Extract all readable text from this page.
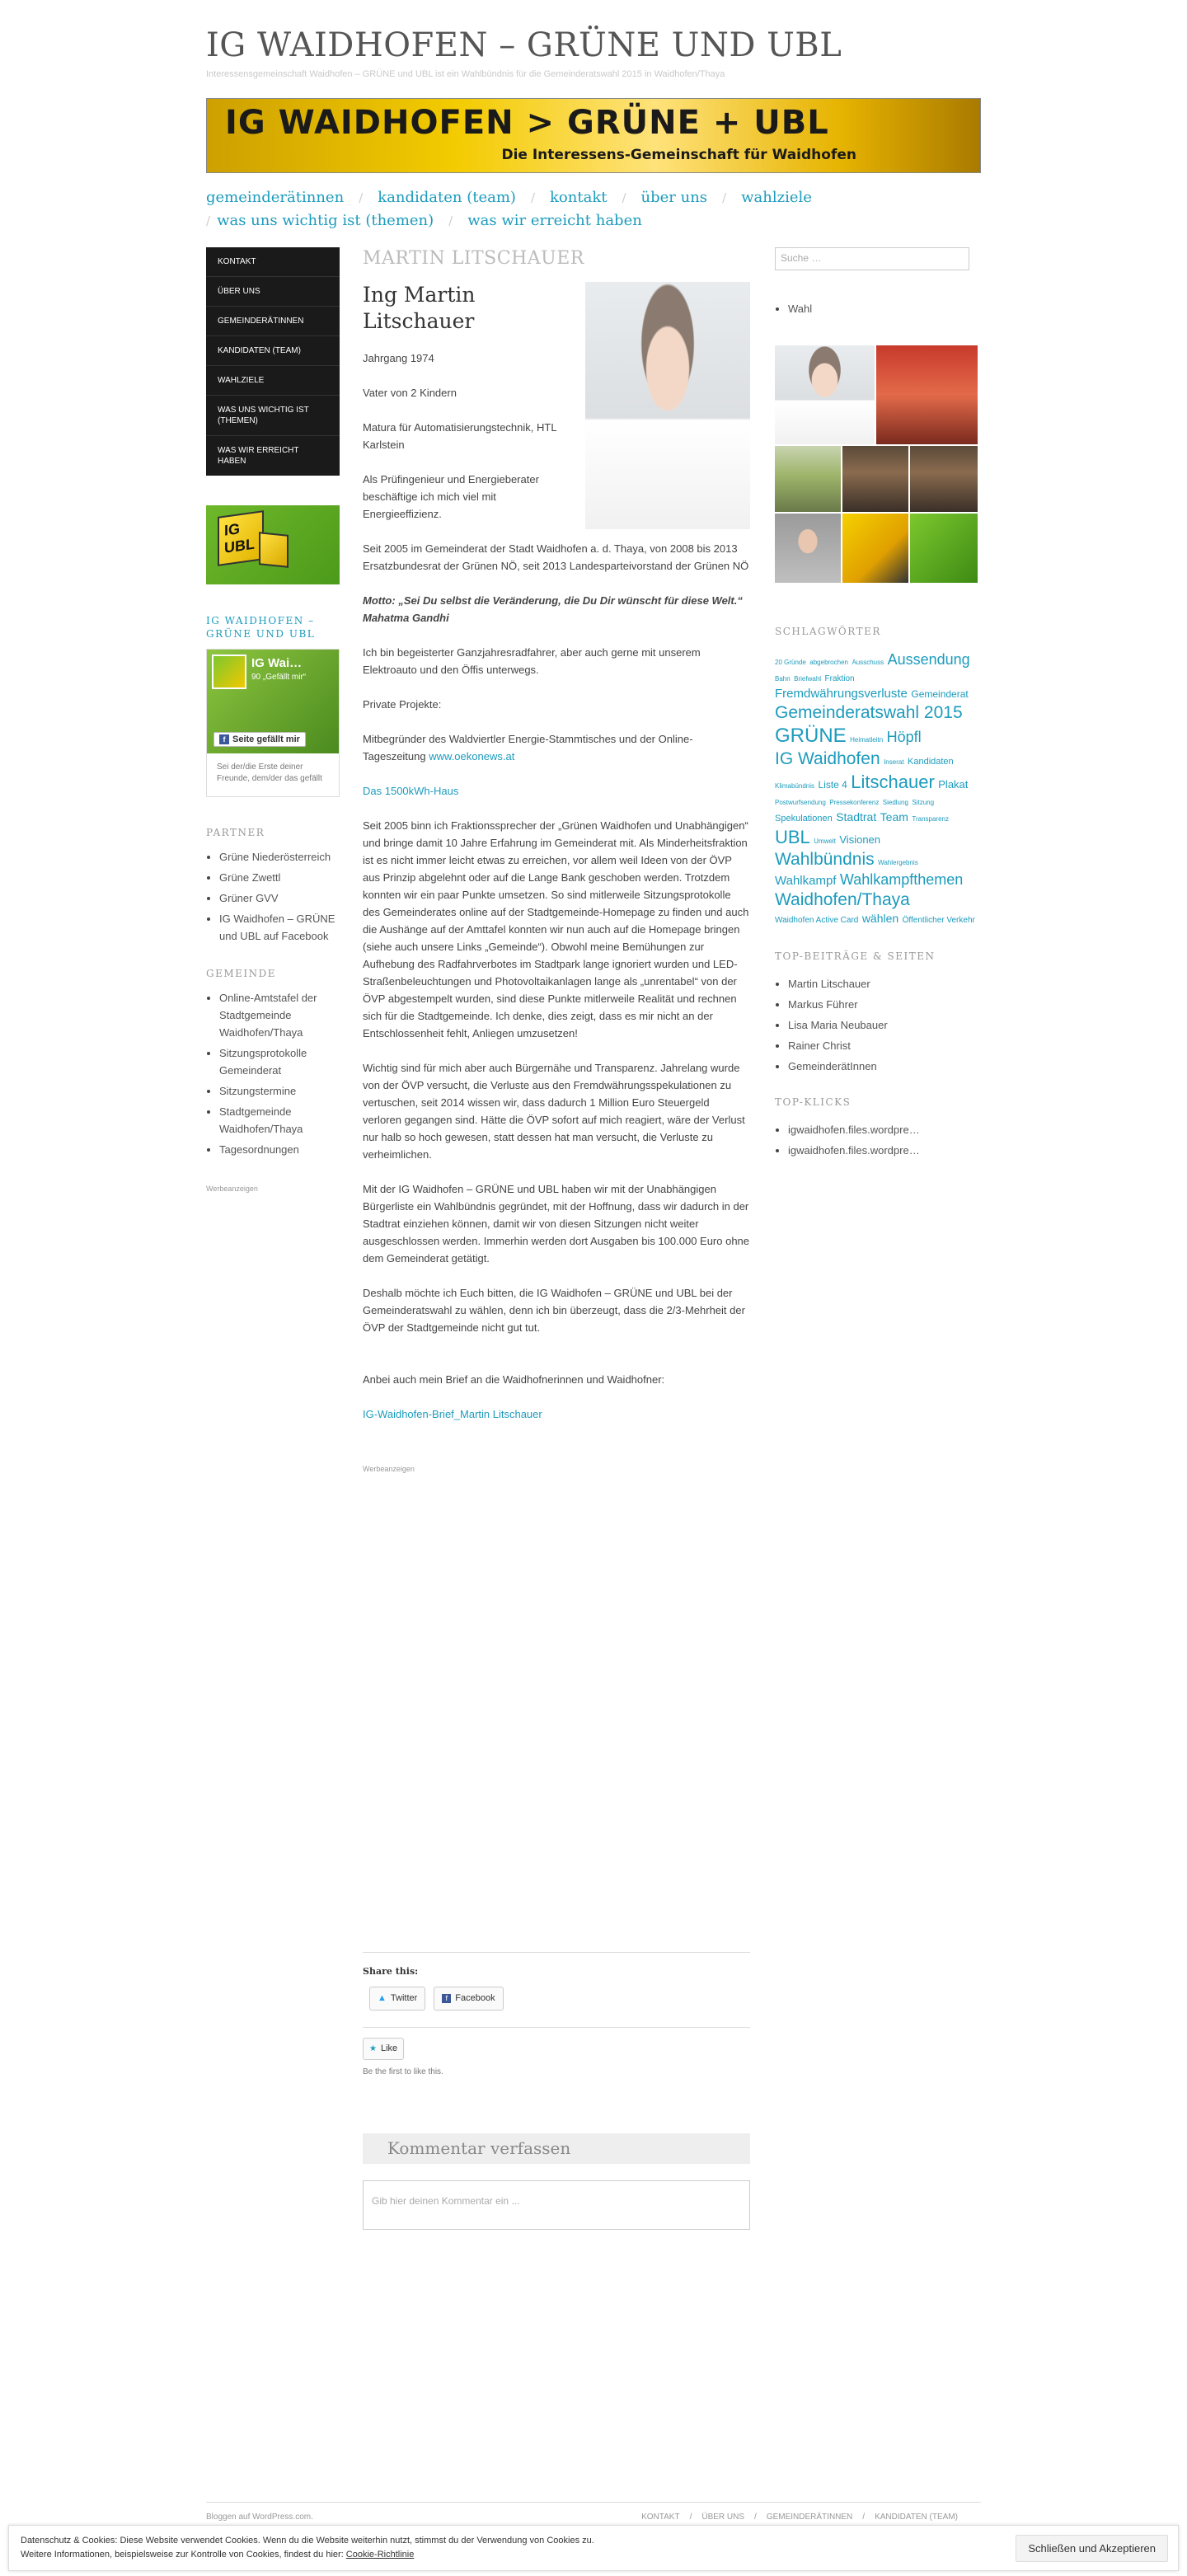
IG WAIDHOFEN – GRÜNE UND UBL
Interessensgemeinschaft Waidhofen – GRÜNE und UBL ist ein Wahlbündnis für die Gemeinderatswahl 2015 in Waidhofen/Thaya
IG WAIDHOFEN > GRÜNE + UBL
Die Interessens-Gemeinschaft für Waidhofen
gemeinderätinnen / kandidaten (team) / kontakt / über uns / wahlziele
/ was uns wichtig ist (themen) / was wir erreicht haben
KONTAKT
ÜBER UNS
GEMEINDERÄTINNEN
KANDIDATEN (TEAM)
WAHLZIELE
WAS UNS WICHTIG IST (THEMEN)
WAS WIR ERREICHT HABEN
IG UBL
IG WAIDHOFEN – GRÜNE UND UBL
IG Wai…
90 „Gefällt mir“
f Seite gefällt mir
Sei der/die Erste deiner Freunde, dem/der das gefällt
PARTNER
• Grüne Niederösterreich
• Grüne Zwettl
• Grüner GVV
• IG Waidhofen – GRÜNE und UBL auf Facebook
GEMEINDE
• Online-Amtstafel der Stadtgemeinde Waidhofen/Thaya
• Sitzungsprotokolle Gemeinderat
• Sitzungstermine
• Stadtgemeinde Waidhofen/Thaya
• Tagesordnungen
Werbeanzeigen
MARTIN LITSCHAUER
Ing Martin Litschauer

Jahrgang 1974

Vater von 2 Kindern

Matura für Automatisierungstechnik, HTL Karlstein

Als Prüfingenieur und Energieberater beschäftige ich mich viel mit Energieeffizienz.

Seit 2005 im Gemeinderat der Stadt Waidhofen a. d. Thaya, von 2008 bis 2013 Ersatzbundesrat der Grünen NÖ, seit 2013 Landesparteivorstand der Grünen NÖ

Motto: „Sei Du selbst die Veränderung, die Du Dir wünscht für diese Welt.“ Mahatma Gandhi

Ich bin begeisterter Ganzjahresradfahrer, aber auch gerne mit unserem Elektroauto und den Öffis unterwegs.

Private Projekte:

Mitbegründer des Waldviertler Energie-Stammtisches und der Online-Tageszeitung www.oekonews.at

Das 1500kWh-Haus

Seit 2005 binn ich Fraktionssprecher der „Grünen Waidhofen und Unabhängigen“ und bringe damit 10 Jahre Erfahrung im Gemeinderat mit. Als Minderheitsfraktion ist es nicht immer leicht etwas zu erreichen, vor allem weil Ideen von der ÖVP aus Prinzip abgelehnt oder auf die Lange Bank geschoben werden. Trotzdem konnten wir ein paar Punkte umsetzen. So sind mitlerweile Sitzungsprotokolle des Gemeinderates online auf der Stadtgemeinde-Homepage zu finden und auch die Aushänge auf der Amttafel konnten wir nun auch auf die Homepage bringen (siehe auch unsere Links „Gemeinde“). Obwohl meine Bemühungen zur Aufhebung des Radfahrverbotes im Stadtpark lange ignoriert wurden und LED-Straßenbeleuchtungen und Photovoltaikanlagen lange als „unrentabel“ von der ÖVP abgestempelt wurden, sind diese Punkte mitlerweile Realität und rechnen sich für die Stadtgemeinde. Ich denke, dies zeigt, dass es mir nicht an der Entschlossenheit fehlt, Anliegen umzusetzen!

Wichtig sind für mich aber auch Bürgernähe und Transparenz. Jahrelang wurde von der ÖVP versucht, die Verluste aus den Fremdwährungsspekulationen zu vertuschen, seit 2014 wissen wir, dass dadurch 1 Million Euro Steuergeld verloren gegangen sind. Hätte die ÖVP sofort auf mich reagiert, wäre der Verlust nur halb so hoch gewesen, statt dessen hat man versucht, die Verluste zu verheimlichen.

Mit der IG Waidhofen – GRÜNE und UBL haben wir mit der Unabhängigen Bürgerliste ein Wahlbündnis gegründet, mit der Hoffnung, dass wir dadurch in der Stadtrat einziehen können, damit wir von diesen Sitzungen nicht weiter ausgeschlossen werden. Immerhin werden dort Ausgaben bis 100.000 Euro ohne dem Gemeinderat getätigt.

Deshalb möchte ich Euch bitten, die IG Waidhofen – GRÜNE und UBL bei der Gemeinderatswahl zu wählen, denn ich bin überzeugt, dass die 2/3-Mehrheit der ÖVP der Stadtgemeinde nicht gut tut.

Anbei auch mein Brief an die Waidhofnerinnen und Waidhofner:

IG-Waidhofen-Brief_Martin Litschauer

Werbeanzeigen
Share this:
▲ Twitter	f Facebook
★ Like
Be the first to like this.
Kommentar verfassen
Gib hier deinen Kommentar ein ...
Suche …
• Wahl
SCHLAGWÖRTER
20 Gründe abgebrochen Ausschuss Aussendung Bahn Briefwahl Fraktion Fremdwährungsverluste Gemeinderat Gemeinderatswahl 2015 GRÜNE Heimatleitn Höpfl IG Waidhofen Inserat Kandidaten Klimabündnis Liste 4 Litschauer Plakat Postwurfsendung Pressekonferenz Siedlung Sitzung Spekulationen Stadtrat Team Transparenz UBL Umwelt Visionen Wahlbündnis Wahlergebnis Wahlkampf Wahlkampfthemen Waidhofen/Thaya Waidhofen Active Card wählen Öffentlicher Verkehr
TOP-BEITRÄGE & SEITEN
• Martin Litschauer
• Markus Führer
• Lisa Maria Neubauer
• Rainer Christ
• GemeinderätInnen
TOP-KLICKS
• igwaidhofen.files.wordpre…
• igwaidhofen.files.wordpre…
Bloggen auf WordPress.com.	KONTAKT / ÜBER UNS / GEMEINDERÄTINNEN / KANDIDATEN (TEAM)
Datenschutz & Cookies: Diese Website verwendet Cookies. Wenn du die Website weiterhin nutzt, stimmst du der Verwendung von Cookies zu.
Weitere Informationen, beispielsweise zur Kontrolle von Cookies, findest du hier: Cookie-Richtlinie	Schließen und Akzeptieren
